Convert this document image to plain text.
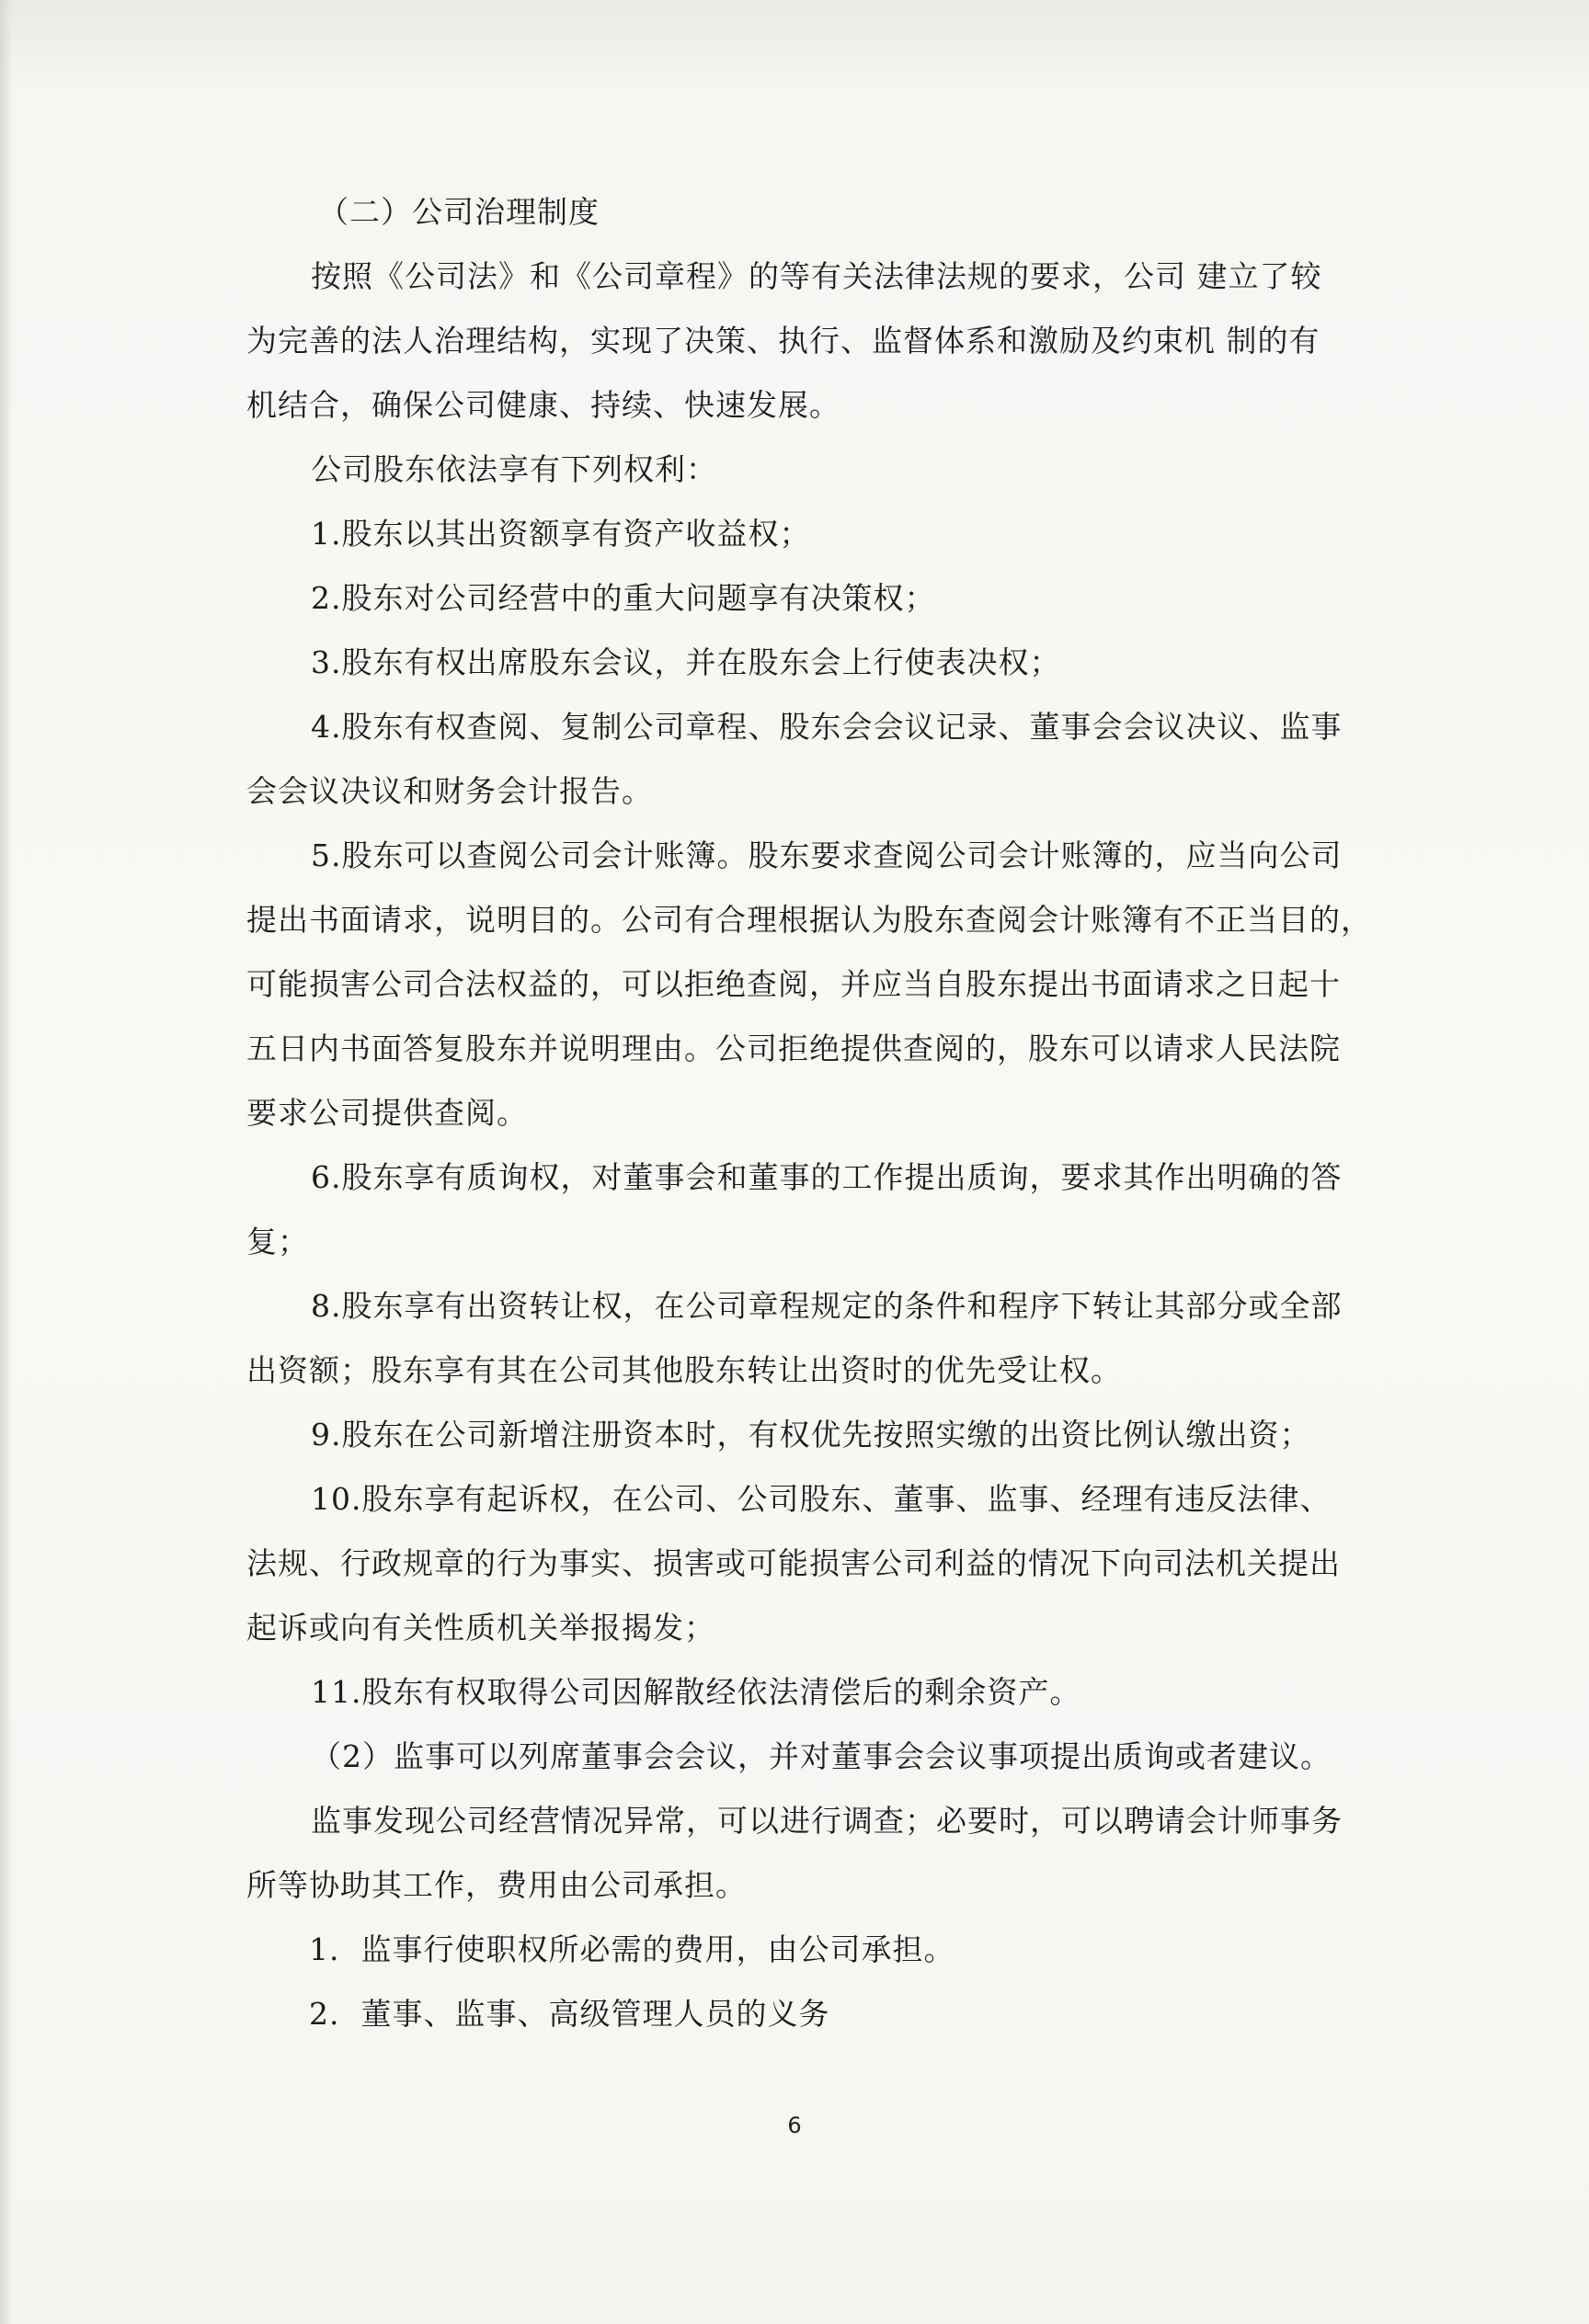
（二）公司治理制度

按照《公司法》和《公司章程》的等有关法律法规的要求，公司 建立了较

为完善的法人治理结构，实现了决策、执行、监督体系和激励及约束机 制的有

机结合，确保公司健康、持续、快速发展。

公司股东依法享有下列权利：

1.股东以其出资额享有资产收益权；

2.股东对公司经营中的重大问题享有决策权；

3.股东有权出席股东会议，并在股东会上行使表决权；

4.股东有权查阅、复制公司章程、股东会会议记录、董事会会议决议、监事

会会议决议和财务会计报告。

5.股东可以查阅公司会计账簿。股东要求查阅公司会计账簿的，应当向公司

提出书面请求，说明目的。公司有合理根据认为股东查阅会计账簿有不正当目的，

可能损害公司合法权益的，可以拒绝查阅，并应当自股东提出书面请求之日起十

五日内书面答复股东并说明理由。公司拒绝提供查阅的，股东可以请求人民法院

要求公司提供查阅。

6.股东享有质询权，对董事会和董事的工作提出质询，要求其作出明确的答

复；

8.股东享有出资转让权，在公司章程规定的条件和程序下转让其部分或全部

出资额；股东享有其在公司其他股东转让出资时的优先受让权。

9.股东在公司新增注册资本时，有权优先按照实缴的出资比例认缴出资；

10.股东享有起诉权，在公司、公司股东、董事、监事、经理有违反法律、

法规、行政规章的行为事实、损害或可能损害公司利益的情况下向司法机关提出

起诉或向有关性质机关举报揭发；

11.股东有权取得公司因解散经依法清偿后的剩余资产。

（2）监事可以列席董事会会议，并对董事会会议事项提出质询或者建议。

监事发现公司经营情况异常，可以进行调查；必要时，可以聘请会计师事务

所等协助其工作，费用由公司承担。

1.  监事行使职权所必需的费用，由公司承担。

2.  董事、监事、高级管理人员的义务

6
